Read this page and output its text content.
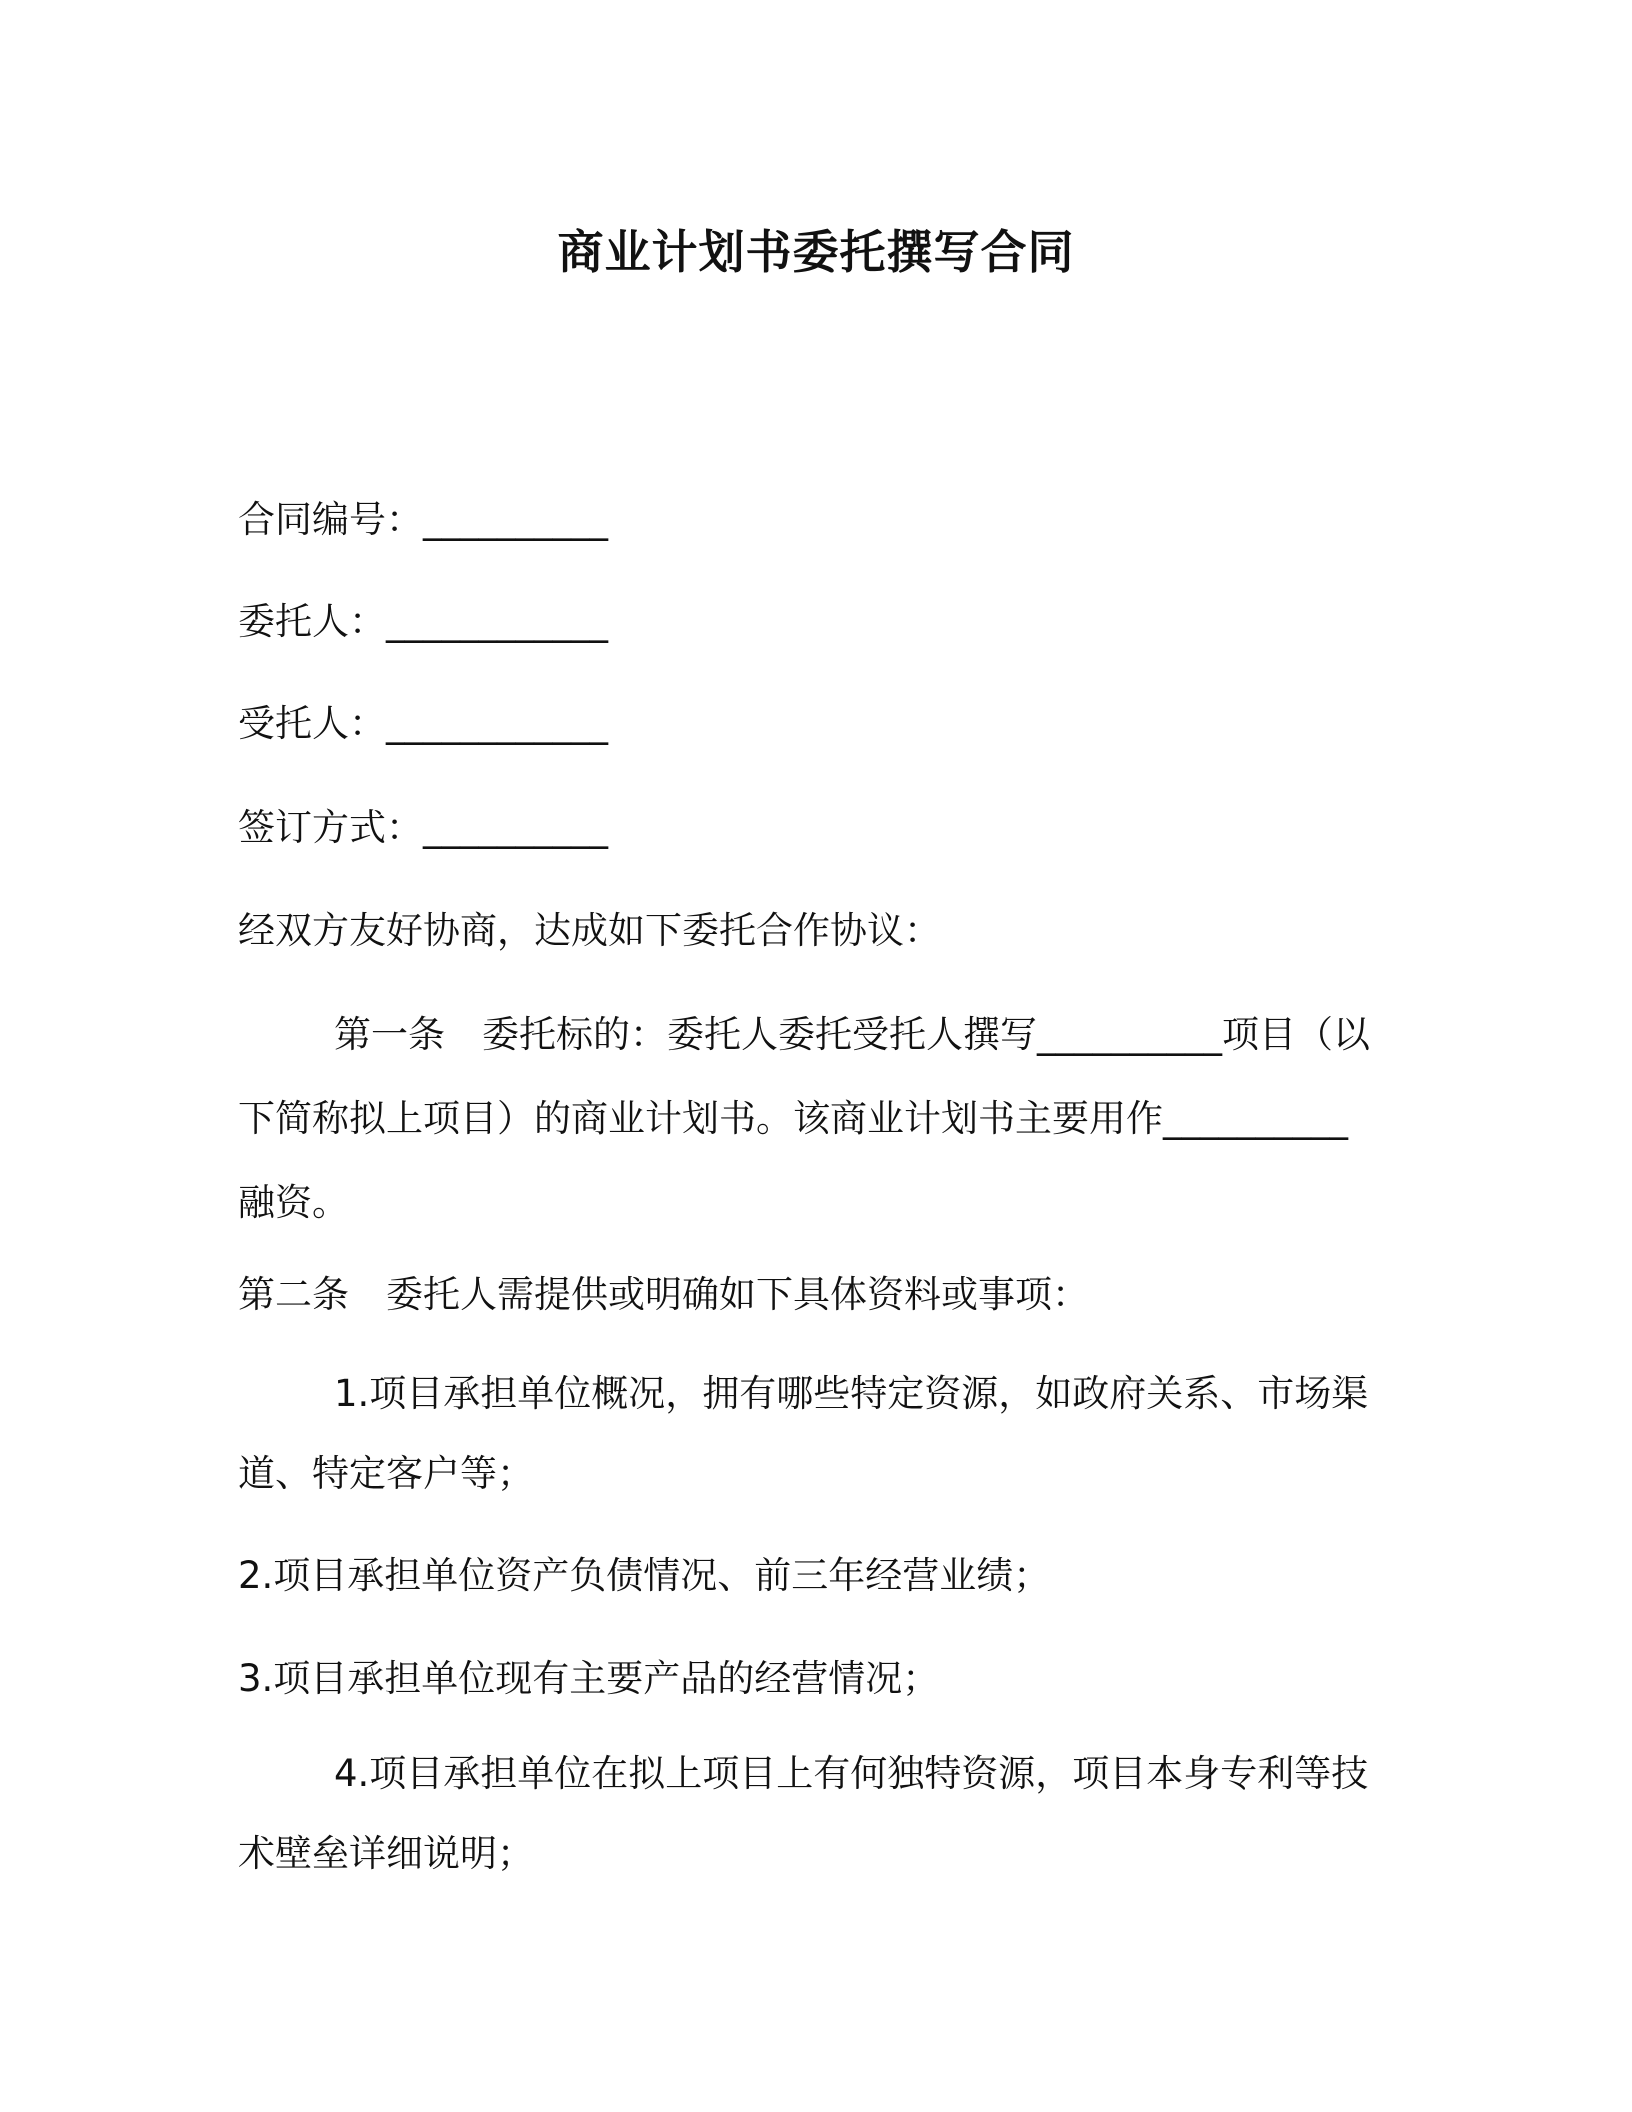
商业计划书委托撰写合同

合同编号：__________

委托人：____________

受托人：____________

签订方式：__________

经双方友好协商，达成如下委托合作协议：

第一条　委托标的：委托人委托受托人撰写__________项目（以下简称拟上项目）的商业计划书。该商业计划书主要用作__________融资。

第二条　委托人需提供或明确如下具体资料或事项：

1.项目承担单位概况，拥有哪些特定资源，如政府关系、市场渠道、特定客户等；

2.项目承担单位资产负债情况、前三年经营业绩；

3.项目承担单位现有主要产品的经营情况；

4.项目承担单位在拟上项目上有何独特资源，项目本身专利等技术壁垒详细说明；
